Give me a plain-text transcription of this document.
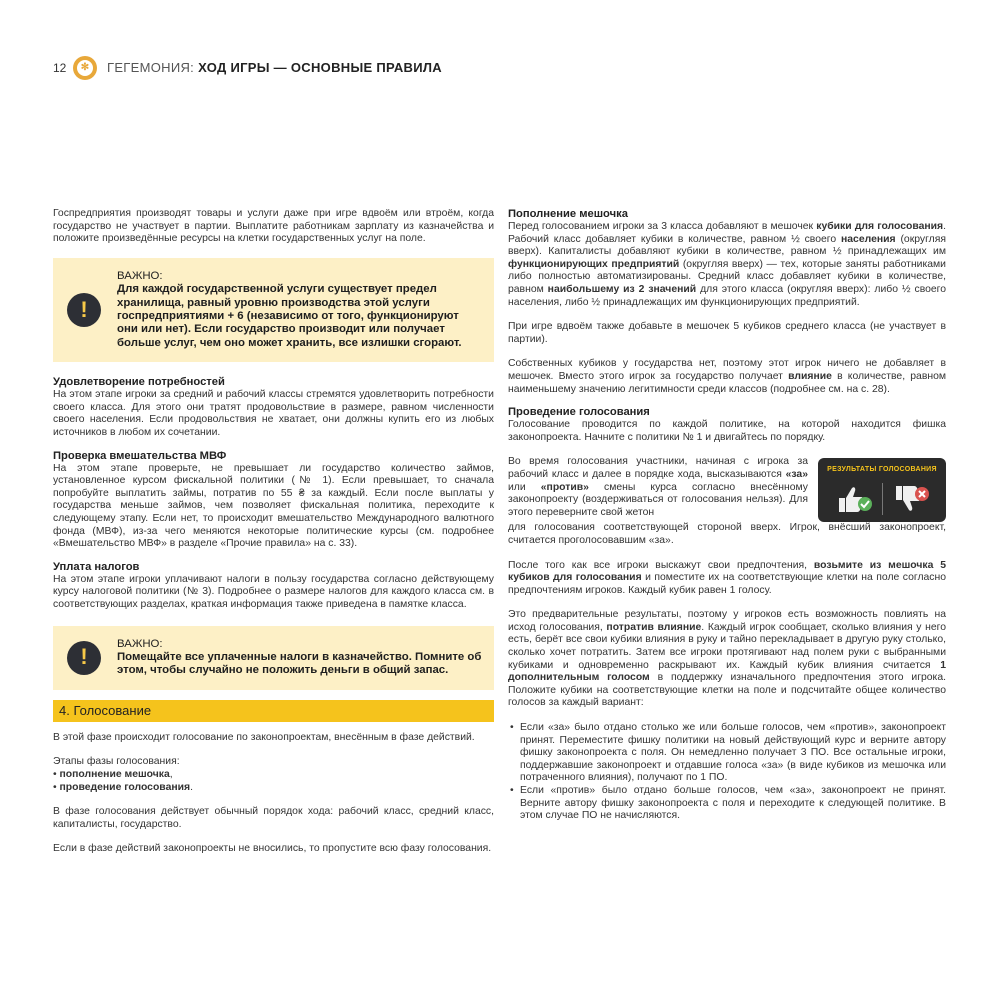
12	✻ ГЕГЕМОНИЯ: ХОД ИГРЫ — ОСНОВНЫЕ ПРАВИЛА

Госпредприятия производят товары и услуги даже при игре вдвоём или втроём, когда государство не участвует в партии. Выплатите работникам зарплату из казначейства и положите произведённые ресурсы на клетки государственных услуг на поле.

!
ВАЖНО:
Для каждой государственной услуги существует предел хранилища, равный уровню производства этой услуги госпредприятиями + 6 (независимо от того, функционируют они или нет). Если государство производит или получает больше услуг, чем оно может хранить, все излишки сгорают.
Удовлетворение потребностей

На этом этапе игроки за средний и рабочий классы стремятся удовлетворить потребности своего класса. Для этого они тратят продовольствие в размере, равном численности своего населения. Если продовольствия не хватает, они должны купить его из любых источников в любом их сочетании.

Проверка вмешательства МВФ

На этом этапе проверьте, не превышает ли государство количество займов, установленное курсом фискальной политики (№ 1). Если превышает, то сначала попробуйте выплатить займы, потратив по 55 ₴ за каждый. Если после выплаты у государства меньше займов, чем позволяет фискальная политика, переходите к следующему этапу. Если нет, то происходит вмешательство Международного валютного фонда (МВФ), из-за чего меняются некоторые политические курсы (см. подробнее «Вмешательство МВФ» в разделе «Прочие правила» на с. 33).

Уплата налогов

На этом этапе игроки уплачивают налоги в пользу государства согласно действующему курсу налоговой политики (№ 3). Подробнее о размере налогов для каждого класса см. в соответствующих разделах, краткая информация также приведена в памятке класса.

!
ВАЖНО:
Помещайте все уплаченные налоги в казначейство. Помните об этом, чтобы случайно не положить деньги в общий запас.
4. Голосование

В этой фазе происходит голосование по законопроектам, внесённым в фазе действий.

Этапы фазы голосования:

• пополнение мешочка,

• проведение голосования.

В фазе голосования действует обычный порядок хода: рабочий класс, средний класс, капиталисты, государство.

Если в фазе действий законопроекты не вносились, то пропустите всю фазу голосования.

Пополнение мешочка

Перед голосованием игроки за 3 класса добавляют в мешочек кубики для голосования. Рабочий класс добавляет кубики в количестве, равном ½ своего населения (округляя вверх). Капиталисты добавляют кубики в количестве, равном ½ принадлежащих им функционирующих предприятий (округляя вверх) — тех, которые заняты работниками либо полностью автоматизированы. Средний класс добавляет кубики в количестве, равном наибольшему из 2 значений для этого класса (округляя вверх): либо ½ своего населения, либо ½ принадлежащих им функционирующих предприятий.

При игре вдвоём также добавьте в мешочек 5 кубиков среднего класса (не участвует в партии).

Собственных кубиков у государства нет, поэтому этот игрок ничего не добавляет в мешочек. Вместо этого игрок за государство получает влияние в количестве, равном наименьшему значению легитимности среди классов (подробнее см. на с. 28).

Проведение голосования

Голосование проводится по каждой политике, на которой находится фишка законопроекта. Начните с политики № 1 и двигайтесь по порядку.

Во время голосования участники, начиная с игрока за рабочий класс и далее в порядке хода, высказываются «за» или «против» смены курса согласно внесённому законопроекту (воздерживаться от голосования нельзя). Для этого переверните свой жетон

РЕЗУЛЬТАТЫ ГОЛОСОВАНИЯ

для голосования соответствующей стороной вверх. Игрок, внёсший законопроект, считается проголосовавшим «за».

После того как все игроки выскажут свои предпочтения, возьмите из мешочка 5 кубиков для голосования и поместите их на соответствующие клетки на поле согласно предпочтениям игроков. Каждый кубик равен 1 голосу.

Это предварительные результаты, поэтому у игроков есть возможность повлиять на исход голосования, потратив влияние. Каждый игрок сообщает, сколько влияния у него есть, берёт все свои кубики влияния в руку и тайно перекладывает в другую руку столько, сколько хочет потратить. Затем все игроки протягивают над полем руки с выбранными кубиками и одновременно раскрывают их. Каждый кубик влияния считается 1 дополнительным голосом в поддержку изначального предпочтения этого игрока. Положите кубики на соответствующие клетки на поле и подсчитайте общее количество голосов за каждый вариант:

• Если «за» было отдано столько же или больше голосов, чем «против», законопроект принят. Переместите фишку политики на новый действующий курс и верните автору фишку законопроекта с поля. Он немедленно получает 3 ПО. Все остальные игроки, поддержавшие законопроект и отдавшие голоса «за» (в виде кубиков из мешочка или потраченного влияния), получают по 1 ПО.
• Если «против» было отдано больше голосов, чем «за», законопроект не принят. Верните автору фишку законопроекта с поля и переходите к следующей политике. В этом случае ПО не начисляются.
